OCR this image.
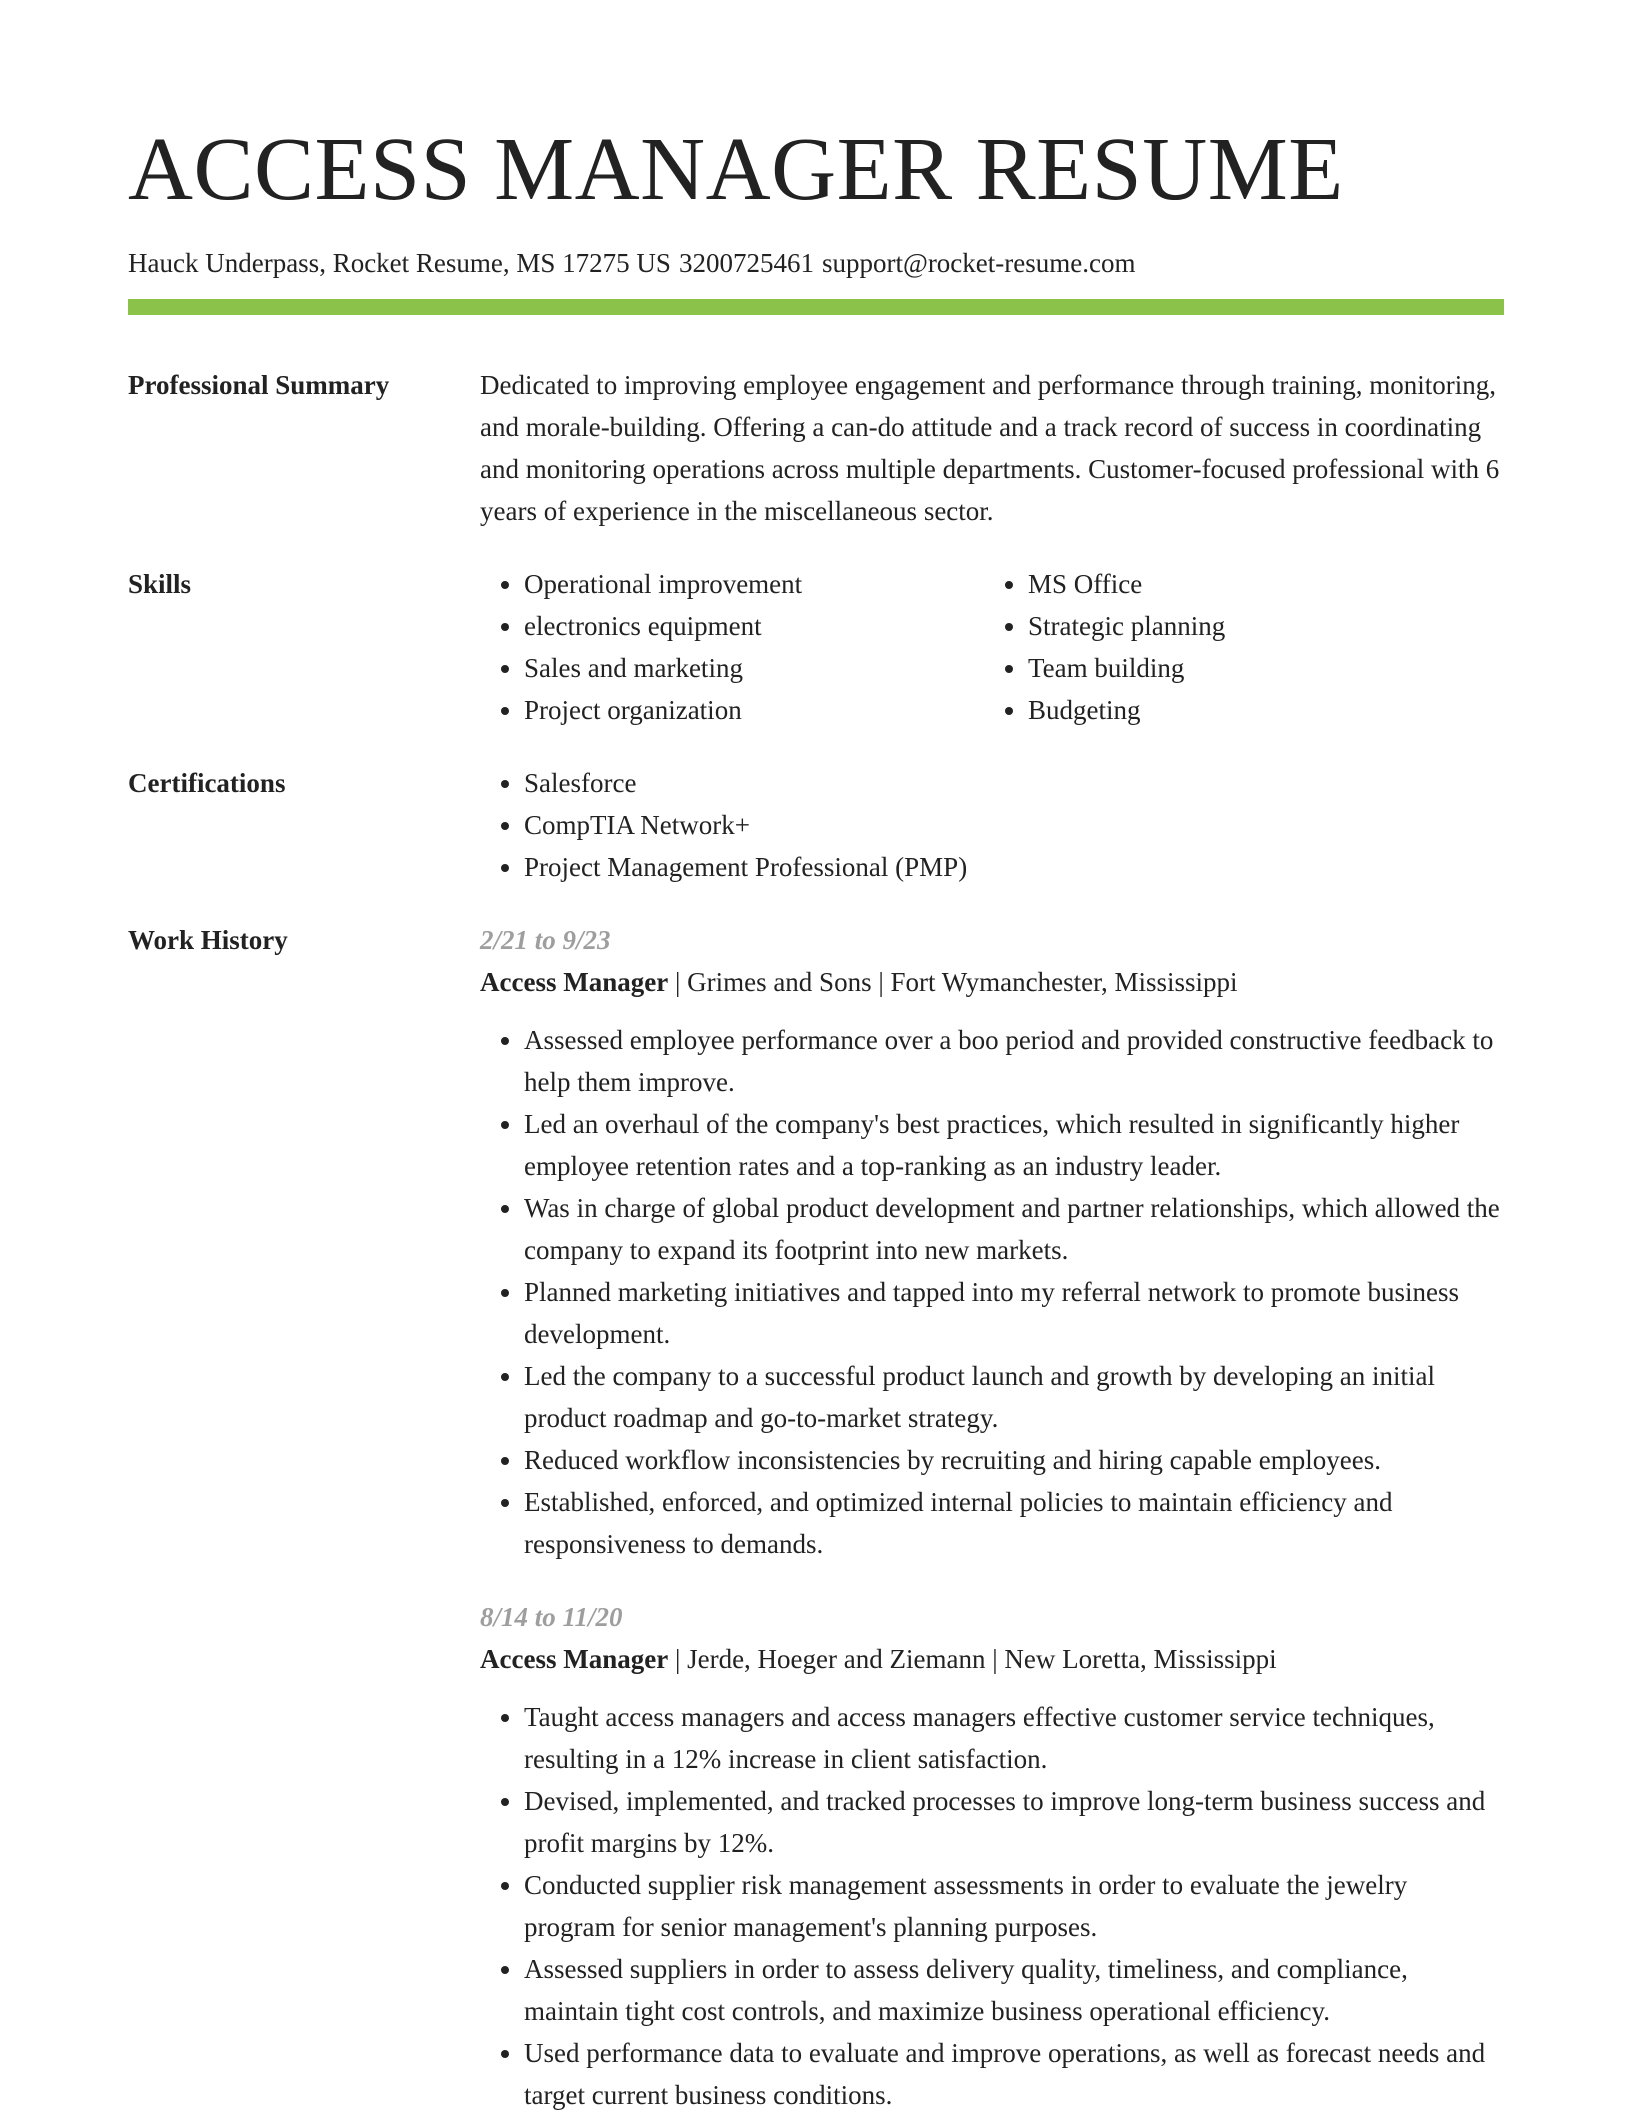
ACCESS MANAGER RESUME
Hauck Underpass, Rocket Resume, MS 17275 US 3200725461 support@rocket-resume.com
Professional Summary	Dedicated to improving employee engagement and performance through training, monitoring, and morale-building. Offering a can-do attitude and a track record of success in coordinating and monitoring operations across multiple departments. Customer-focused professional with 6 years of experience in the miscellaneous sector.

Skills	• Operational improvement
• electronics equipment
• Sales and marketing
• Project organization
• MS Office
• Strategic planning
• Team building
• Budgeting
Certifications	• Salesforce
• CompTIA Network+
• Project Management Professional (PMP)
Work History	2/21 to 9/23
Access Manager | Grimes and Sons | Fort Wymanchester, Mississippi
• Assessed employee performance over a boo period and provided constructive feedback to help them improve.
• Led an overhaul of the company's best practices, which resulted in significantly higher employee retention rates and a top-ranking as an industry leader.
• Was in charge of global product development and partner relationships, which allowed the company to expand its footprint into new markets.
• Planned marketing initiatives and tapped into my referral network to promote business development.
• Led the company to a successful product launch and growth by developing an initial product roadmap and go-to-market strategy.
• Reduced workflow inconsistencies by recruiting and hiring capable employees.
• Established, enforced, and optimized internal policies to maintain efficiency and responsiveness to demands.
8/14 to 11/20
Access Manager | Jerde, Hoeger and Ziemann | New Loretta, Mississippi
• Taught access managers and access managers effective customer service techniques, resulting in a 12% increase in client satisfaction.
• Devised, implemented, and tracked processes to improve long-term business success and profit margins by 12%.
• Conducted supplier risk management assessments in order to evaluate the jewelry program for senior management's planning purposes.
• Assessed suppliers in order to assess delivery quality, timeliness, and compliance, maintain tight cost controls, and maximize business operational efficiency.
• Used performance data to evaluate and improve operations, as well as forecast needs and target current business conditions.
